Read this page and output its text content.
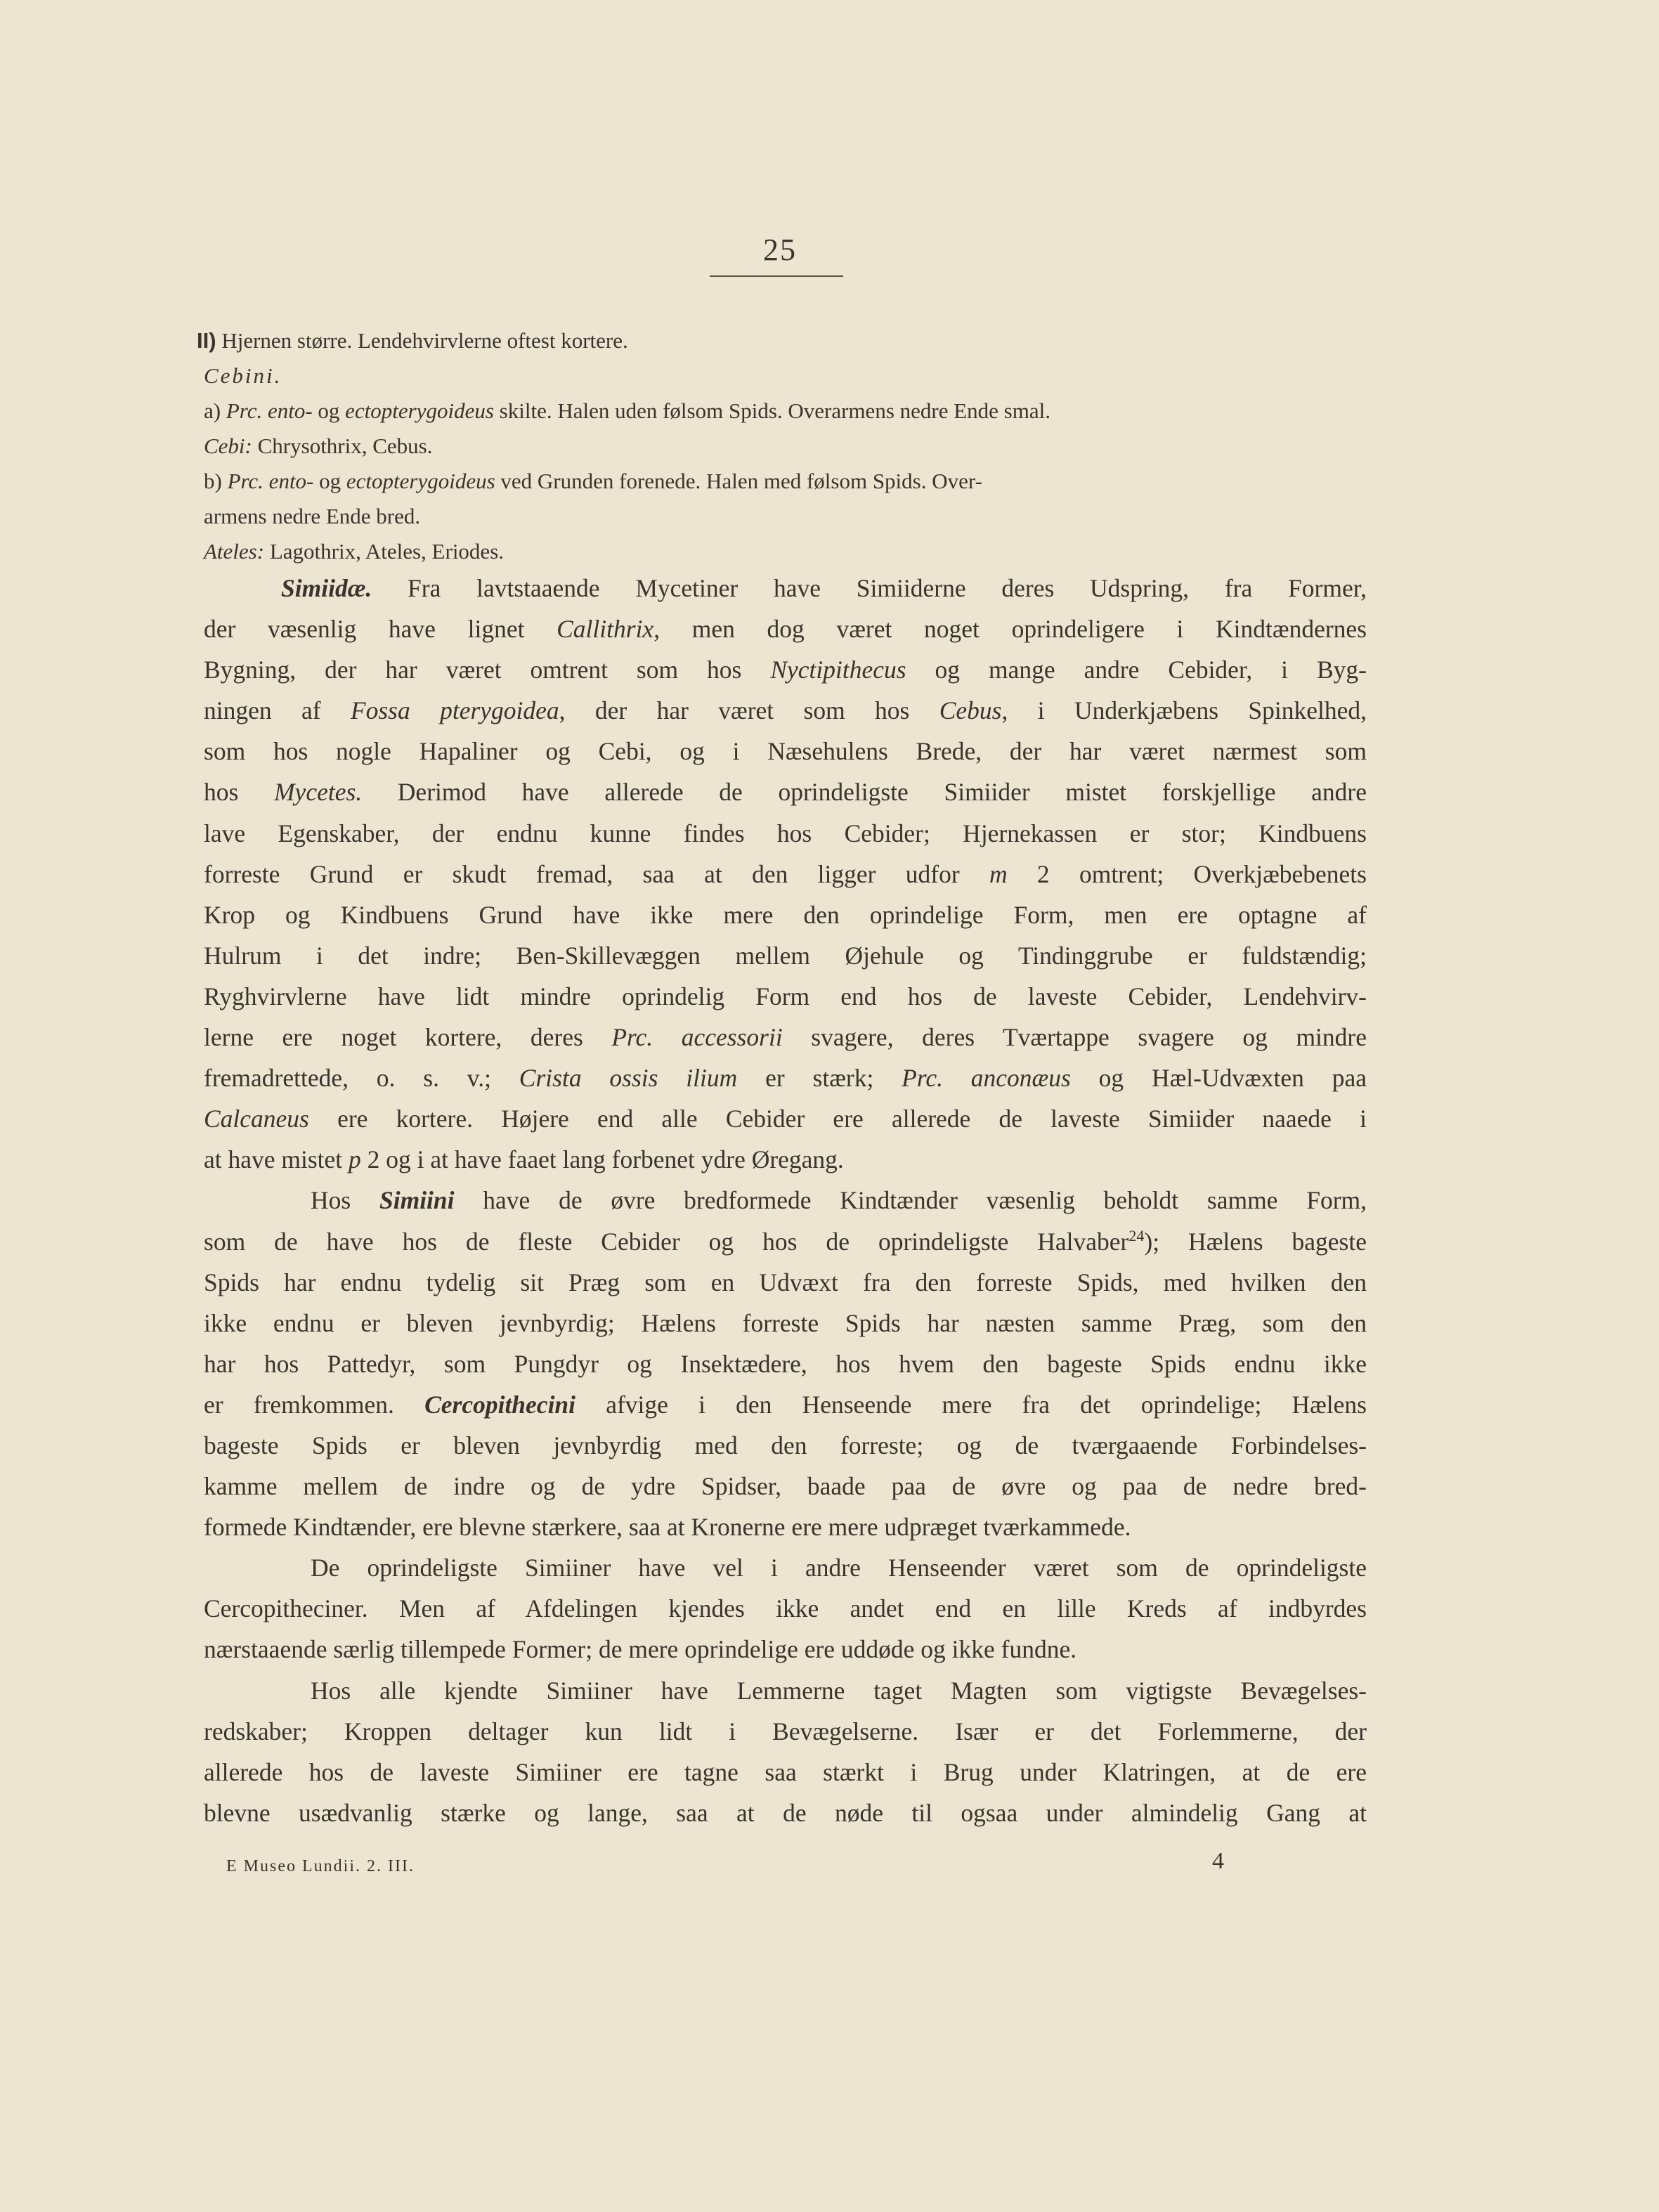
25
II) Hjernen større. Lendehvirvlerne oftest kortere.
Cebini.
a) Prc. ento- og ectopterygoideus skilte. Halen uden følsom Spids. Overarmens nedre Ende smal.
Cebi: Chrysothrix, Cebus.
b) Prc. ento- og ectopterygoideus ved Grunden forenede. Halen med følsom Spids. Over-
armens nedre Ende bred.
Ateles: Lagothrix, Ateles, Eriodes.
Simiidæ. Fra lavtstaaende Mycetiner have Simiiderne deres Udspring, fra Former,
der væsenlig have lignet Callithrix, men dog været noget oprindeligere i Kindtændernes
Bygning, der har været omtrent som hos Nyctipithecus og mange andre Cebider, i Byg-
ningen af Fossa pterygoidea, der har været som hos Cebus, i Underkjæbens Spinkelhed,
som hos nogle Hapaliner og Cebi, og i Næsehulens Brede, der har været nærmest som
hos Mycetes. Derimod have allerede de oprindeligste Simiider mistet forskjellige andre
lave Egenskaber, der endnu kunne findes hos Cebider; Hjernekassen er stor; Kindbuens
forreste Grund er skudt fremad, saa at den ligger udfor m 2 omtrent; Overkjæbebenets
Krop og Kindbuens Grund have ikke mere den oprindelige Form, men ere optagne af
Hulrum i det indre; Ben-Skillevæggen mellem Øjehule og Tindinggrube er fuldstændig;
Ryghvirvlerne have lidt mindre oprindelig Form end hos de laveste Cebider, Lendehvirv-
lerne ere noget kortere, deres Prc. accessorii svagere, deres Tværtappe svagere og mindre
fremadrettede, o. s. v.; Crista ossis ilium er stærk; Prc. anconæus og Hæl-Udvæxten paa
Calcaneus ere kortere. Højere end alle Cebider ere allerede de laveste Simiider naaede i
at have mistet p 2 og i at have faaet lang forbenet ydre Øregang.
Hos Simiini have de øvre bredformede Kindtænder væsenlig beholdt samme Form,
som de have hos de fleste Cebider og hos de oprindeligste Halvaber$^{24}$); Hælens bageste
Spids har endnu tydelig sit Præg som en Udvæxt fra den forreste Spids, med hvilken den
ikke endnu er bleven jevnbyrdig; Hælens forreste Spids har næsten samme Præg, som den
har hos Pattedyr, som Pungdyr og Insektædere, hos hvem den bageste Spids endnu ikke
er fremkommen. Cercopithecini afvige i den Henseende mere fra det oprindelige; Hælens
bageste Spids er bleven jevnbyrdig med den forreste; og de tværgaaende Forbindelses-
kamme mellem de indre og de ydre Spidser, baade paa de øvre og paa de nedre bred-
formede Kindtænder, ere blevne stærkere, saa at Kronerne ere mere udpræget tværkammede.
De oprindeligste Simiiner have vel i andre Henseender været som de oprindeligste
Cercopitheciner. Men af Afdelingen kjendes ikke andet end en lille Kreds af indbyrdes
nærstaaende særlig tillempede Former; de mere oprindelige ere uddøde og ikke fundne.
Hos alle kjendte Simiiner have Lemmerne taget Magten som vigtigste Bevægelses-
redskaber; Kroppen deltager kun lidt i Bevægelserne. Især er det Forlemmerne, der
allerede hos de laveste Simiiner ere tagne saa stærkt i Brug under Klatringen, at de ere
blevne usædvanlig stærke og lange, saa at de nøde til ogsaa under almindelig Gang at
E Museo Lundii. 2. III.	4
